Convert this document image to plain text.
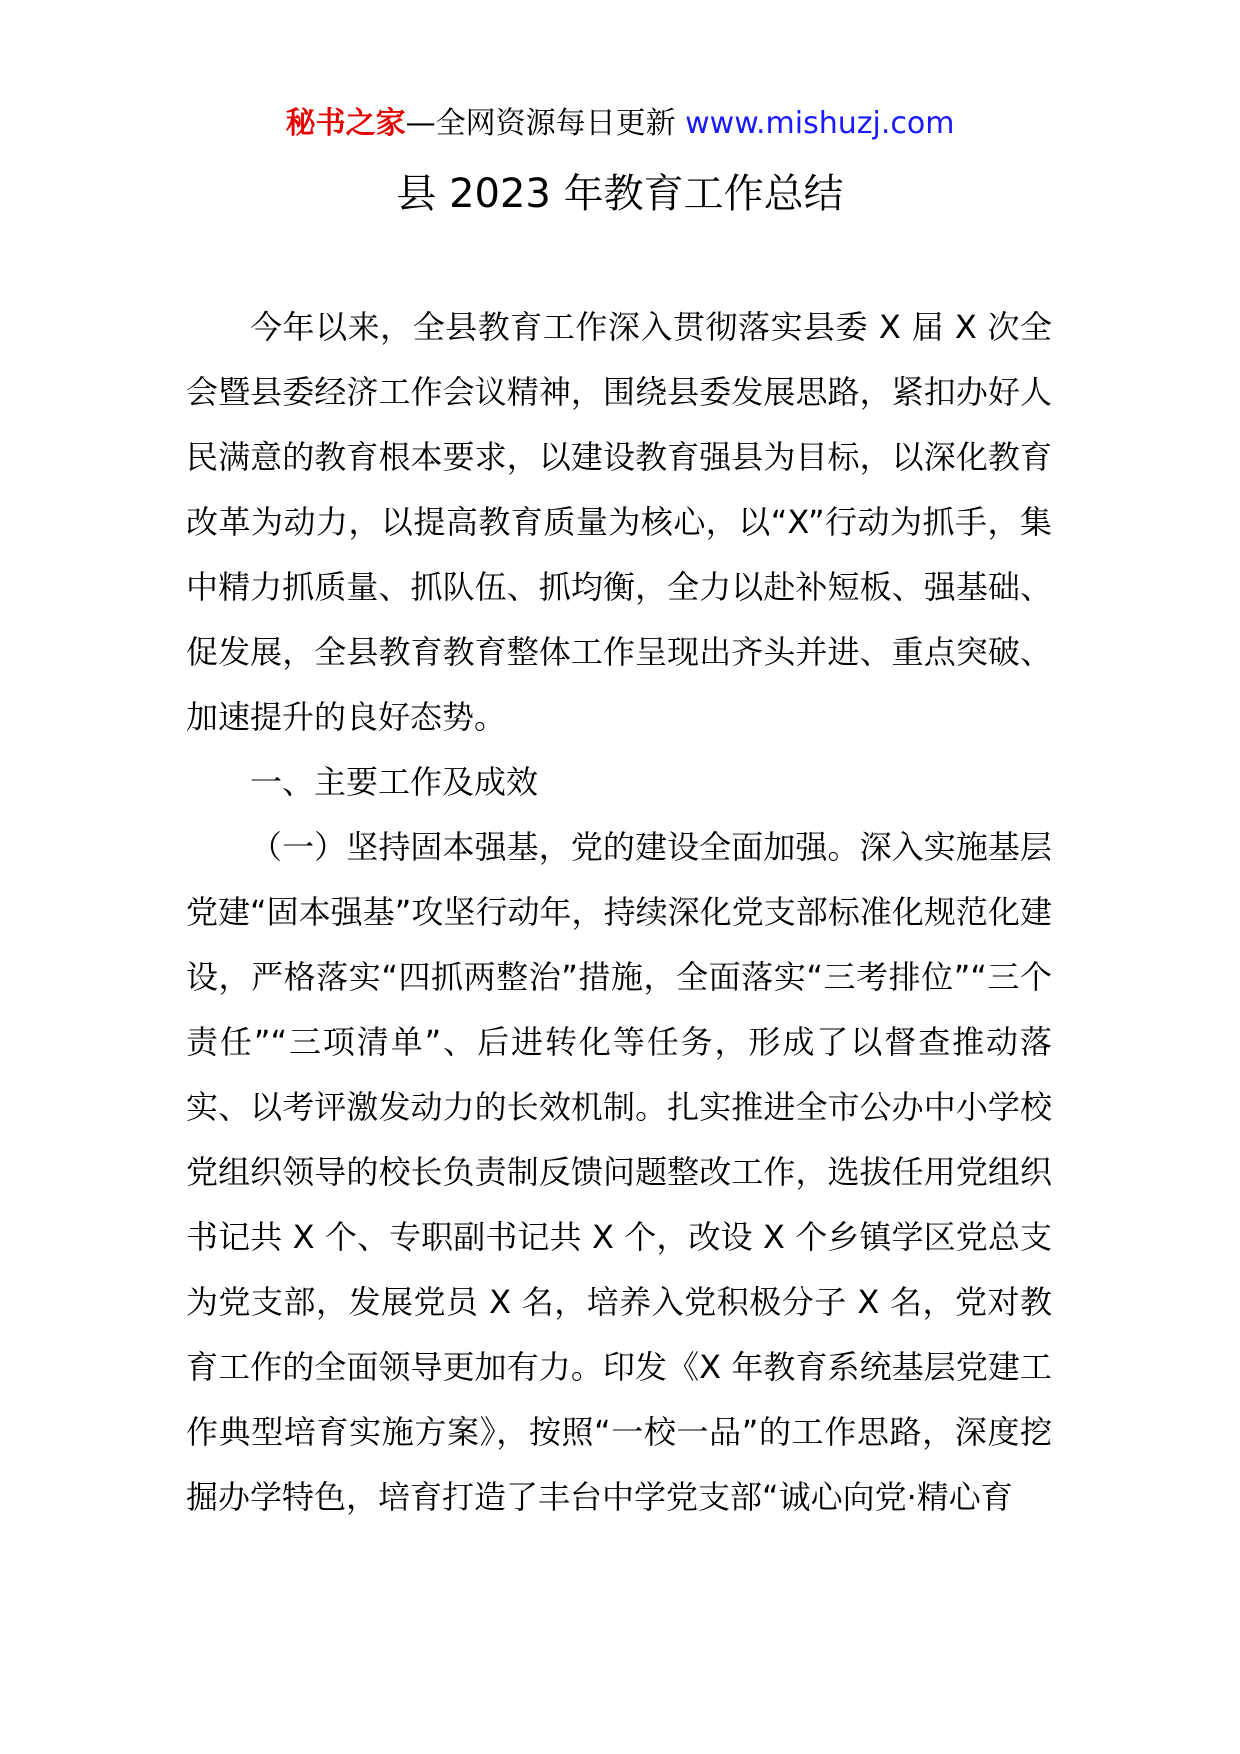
秘书之家—全网资源每日更新 www.mishuzj.com
县 2023 年教育工作总结

今年以来，全县教育工作深入贯彻落实县委 X 届 X 次全会暨县委经济工作会议精神，围绕县委发展思路，紧扣办好人民满意的教育根本要求，以建设教育强县为目标，以深化教育改革为动力，以提高教育质量为核心，以“X”行动为抓手，集中精力抓质量、抓队伍、抓均衡，全力以赴补短板、强基础、促发展，全县教育教育整体工作呈现出齐头并进、重点突破、加速提升的良好态势。

一、主要工作及成效

（一）坚持固本强基，党的建设全面加强。深入实施基层党建“固本强基”攻坚行动年，持续深化党支部标准化规范化建设，严格落实“四抓两整治”措施，全面落实“三考排位”“三个责任”“三项清单”、后进转化等任务，形成了以督查推动落实、以考评激发动力的长效机制。扎实推进全市公办中小学校党组织领导的校长负责制反馈问题整改工作，选拔任用党组织书记共 X 个、专职副书记共 X 个，改设 X 个乡镇学区党总支为党支部，发展党员 X 名，培养入党积极分子 X 名，党对教育工作的全面领导更加有力。印发《X 年教育系统基层党建工作典型培育实施方案》，按照“一校一品”的工作思路，深度挖掘办学特色，培育打造了丰台中学党支部“诚心向党·精心育
